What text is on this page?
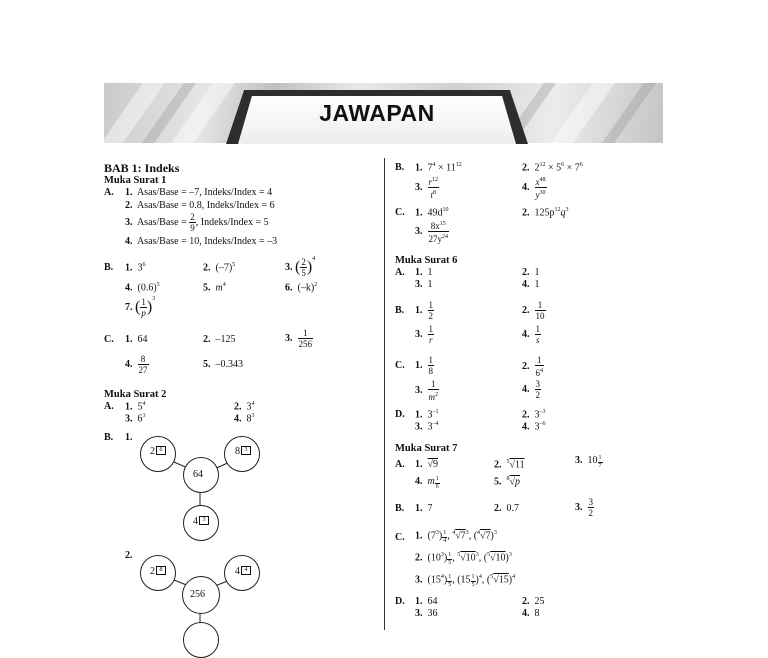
JAWAPAN
BAB 1: Indeks
Muka Surat 1
A. 1. Asas/Base = –7, Indeks/Index = 4
2. Asas/Base = 0.8, Indeks/Index = 6
3. Asas/Base = $\frac{2}{9}$ , Indeks/Index = 5
4. Asas/Base = 10, Indeks/Index = –3
B. 1. $3^6$	2. $(-7)^5$	3. ( $\frac{2}{5} )^4$
4. $(0.6)^5$	5. $m^4$	6. $(-k)^2$
7. ( $\frac{1}{p} )^3$
C. 1. 64	2. –125	3. $\frac{1}{256}$
4. $\frac{8}{27}$	5. –0.343
Muka Surat 2
A. 1. $5^4$	2. $3^4$
3. $6^3$	4. $8^3$
B. 1.
2.
2 6	8 3
64
4 3
2 8	4 4
256
B. 1. $7^4 \times 11^{12}$	2. $2^{12} \times 5^6 \times 7^6$
3. $\frac{r^{12}}{t^8}$	4. $\frac{x^{48}}{y^{30}}$
C. 1. $49d^{10}$	2. $125p^{12}q^3$
3. $\frac{8x^{15}}{27y^{24}}$
Muka Surat 6
A. 1. 1	2. 1
3. 1	4. 1
B. 1. $\frac{1}{2}$	2. $\frac{1}{10}$
3. $\frac{1}{r}$	4. $\frac{1}{s}$
C. 1. $\frac{1}{8}$	2. $\frac{1}{6^4}$
3. $\frac{1}{m^2}$	4. $\frac{3}{2}$
D. 1. $3^{-1}$	2. $3^{-3}$
3. $3^{-4}$	4. $3^{-6}$
Muka Surat 7
A. 1. √9	2. $^5$√11	3. $10 \frac{1}{7}$
4. m $\frac{1}{6}$	5. $^8$√p
B. 1. 7	2. 0.7	3. $\frac{3}{2}$
C. 1. $(7^3) \frac{1}{4}$ , $^4√7^3$, $(^4√7)^3$
2. $(10^3) \frac{1}{5}$ , $^5√10^3$, $(^5√10)^3$
3. $(15^4) \frac{1}{5}$ , $(15 \frac{1}{5} )^4$, $(^5√15)^4$
D. 1. 64	2. 25
3. 36	4. 8
